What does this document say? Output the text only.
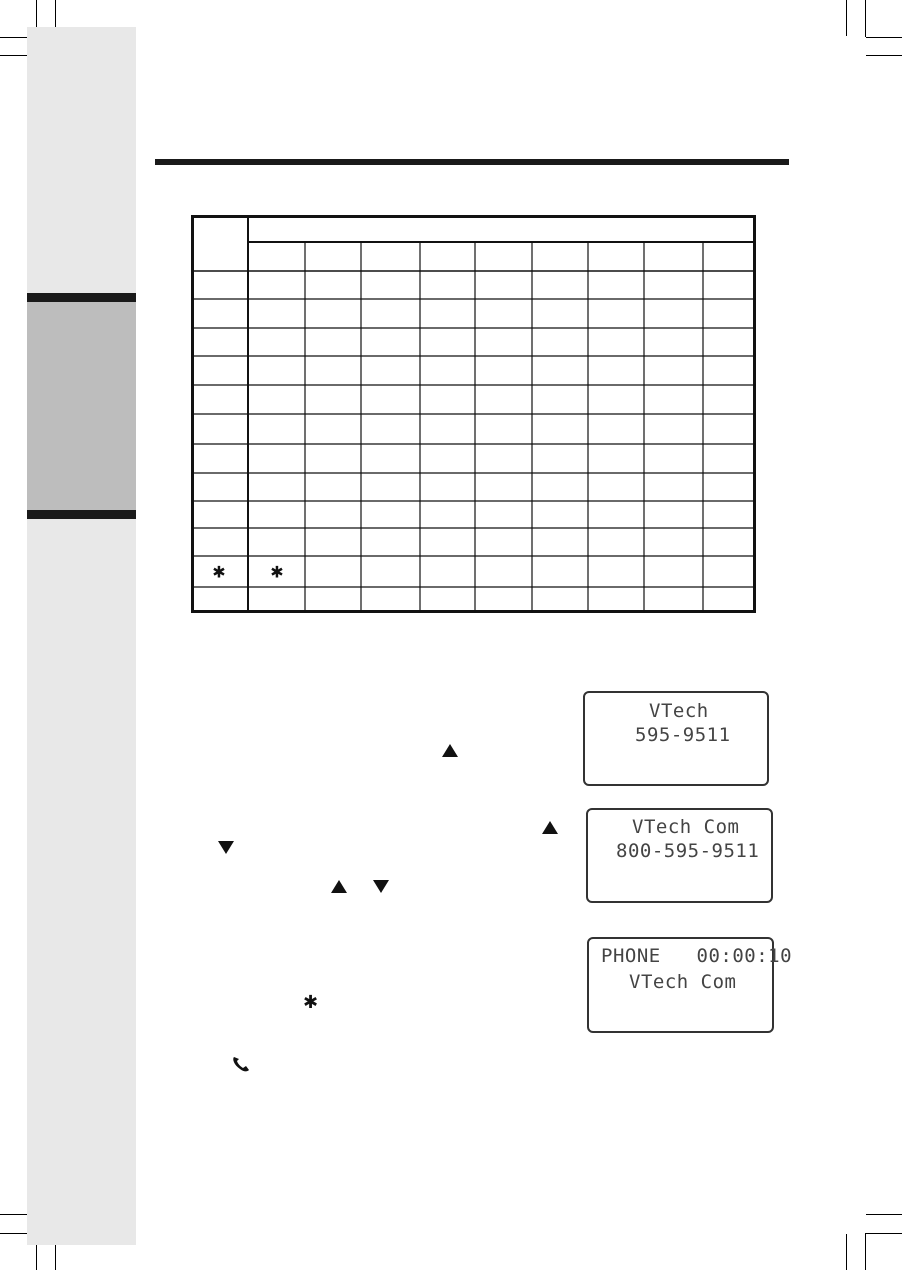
✱	✱
✱
VTech
595-9511
VTech Com
800-595-9511
PHONE   00:00:10
VTech Com
